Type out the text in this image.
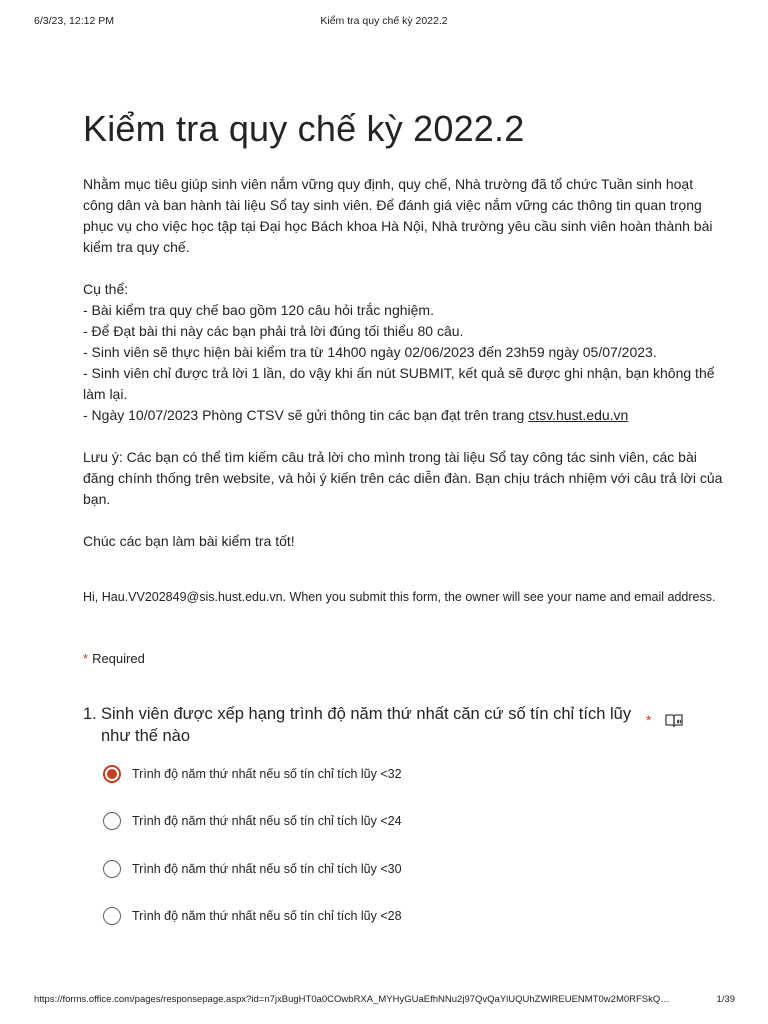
6/3/23, 12:12 PM	Kiểm tra quy chế kỳ 2022.2
Kiểm tra quy chế kỳ 2022.2

Nhằm mục tiêu giúp sinh viên nắm vững quy định, quy chế, Nhà trường đã tổ chức Tuần sinh hoạt công dân và ban hành tài liệu Sổ tay sinh viên. Để đánh giá việc nắm vững các thông tin quan trọng phục vụ cho việc học tập tại Đại học Bách khoa Hà Nội, Nhà trường yêu cầu sinh viên hoàn thành bài kiểm tra quy chế.

Cụ thể:

- Bài kiểm tra quy chế bao gồm 120 câu hỏi trắc nghiệm.

- Để Đạt bài thi này các bạn phải trả lời đúng tối thiểu 80 câu.

- Sinh viên sẽ thực hiện bài kiểm tra từ 14h00 ngày 02/06/2023 đến 23h59 ngày 05/07/2023.

- Sinh viên chỉ được trả lời 1 lần, do vậy khi ấn nút SUBMIT, kết quả sẽ được ghi nhận, bạn không thể làm lại.

- Ngày 10/07/2023 Phòng CTSV sẽ gửi thông tin các bạn đạt trên trang ctsv.hust.edu.vn

Lưu ý: Các bạn có thể tìm kiếm câu trả lời cho mình trong tài liệu Sổ tay công tác sinh viên, các bài đăng chính thống trên website, và hỏi ý kiến trên các diễn đàn. Bạn chịu trách nhiệm với câu trả lời của bạn.

Chúc các bạn làm bài kiểm tra tốt!

Hi, Hau.VV202849@sis.hust.edu.vn. When you submit this form, the owner will see your name and email address.
* Required
1. Sinh viên được xếp hạng trình độ năm thứ nhất căn cứ số tín chỉ tích lũy như thế nào
*
Trình độ năm thứ nhất nếu số tín chỉ tích lũy <32
Trình độ năm thứ nhất nếu số tín chỉ tích lũy <24
Trình độ năm thứ nhất nếu số tín chỉ tích lũy <30
Trình độ năm thứ nhất nếu số tín chỉ tích lũy <28
https://forms.office.com/pages/responsepage.aspx?id=n7jxBugHT0a0COwbRXA_MYHyGUaEfhNNu2j97QvQaYlUQUhZWlREUENMT0w2M0RFSkQ…	1/39
